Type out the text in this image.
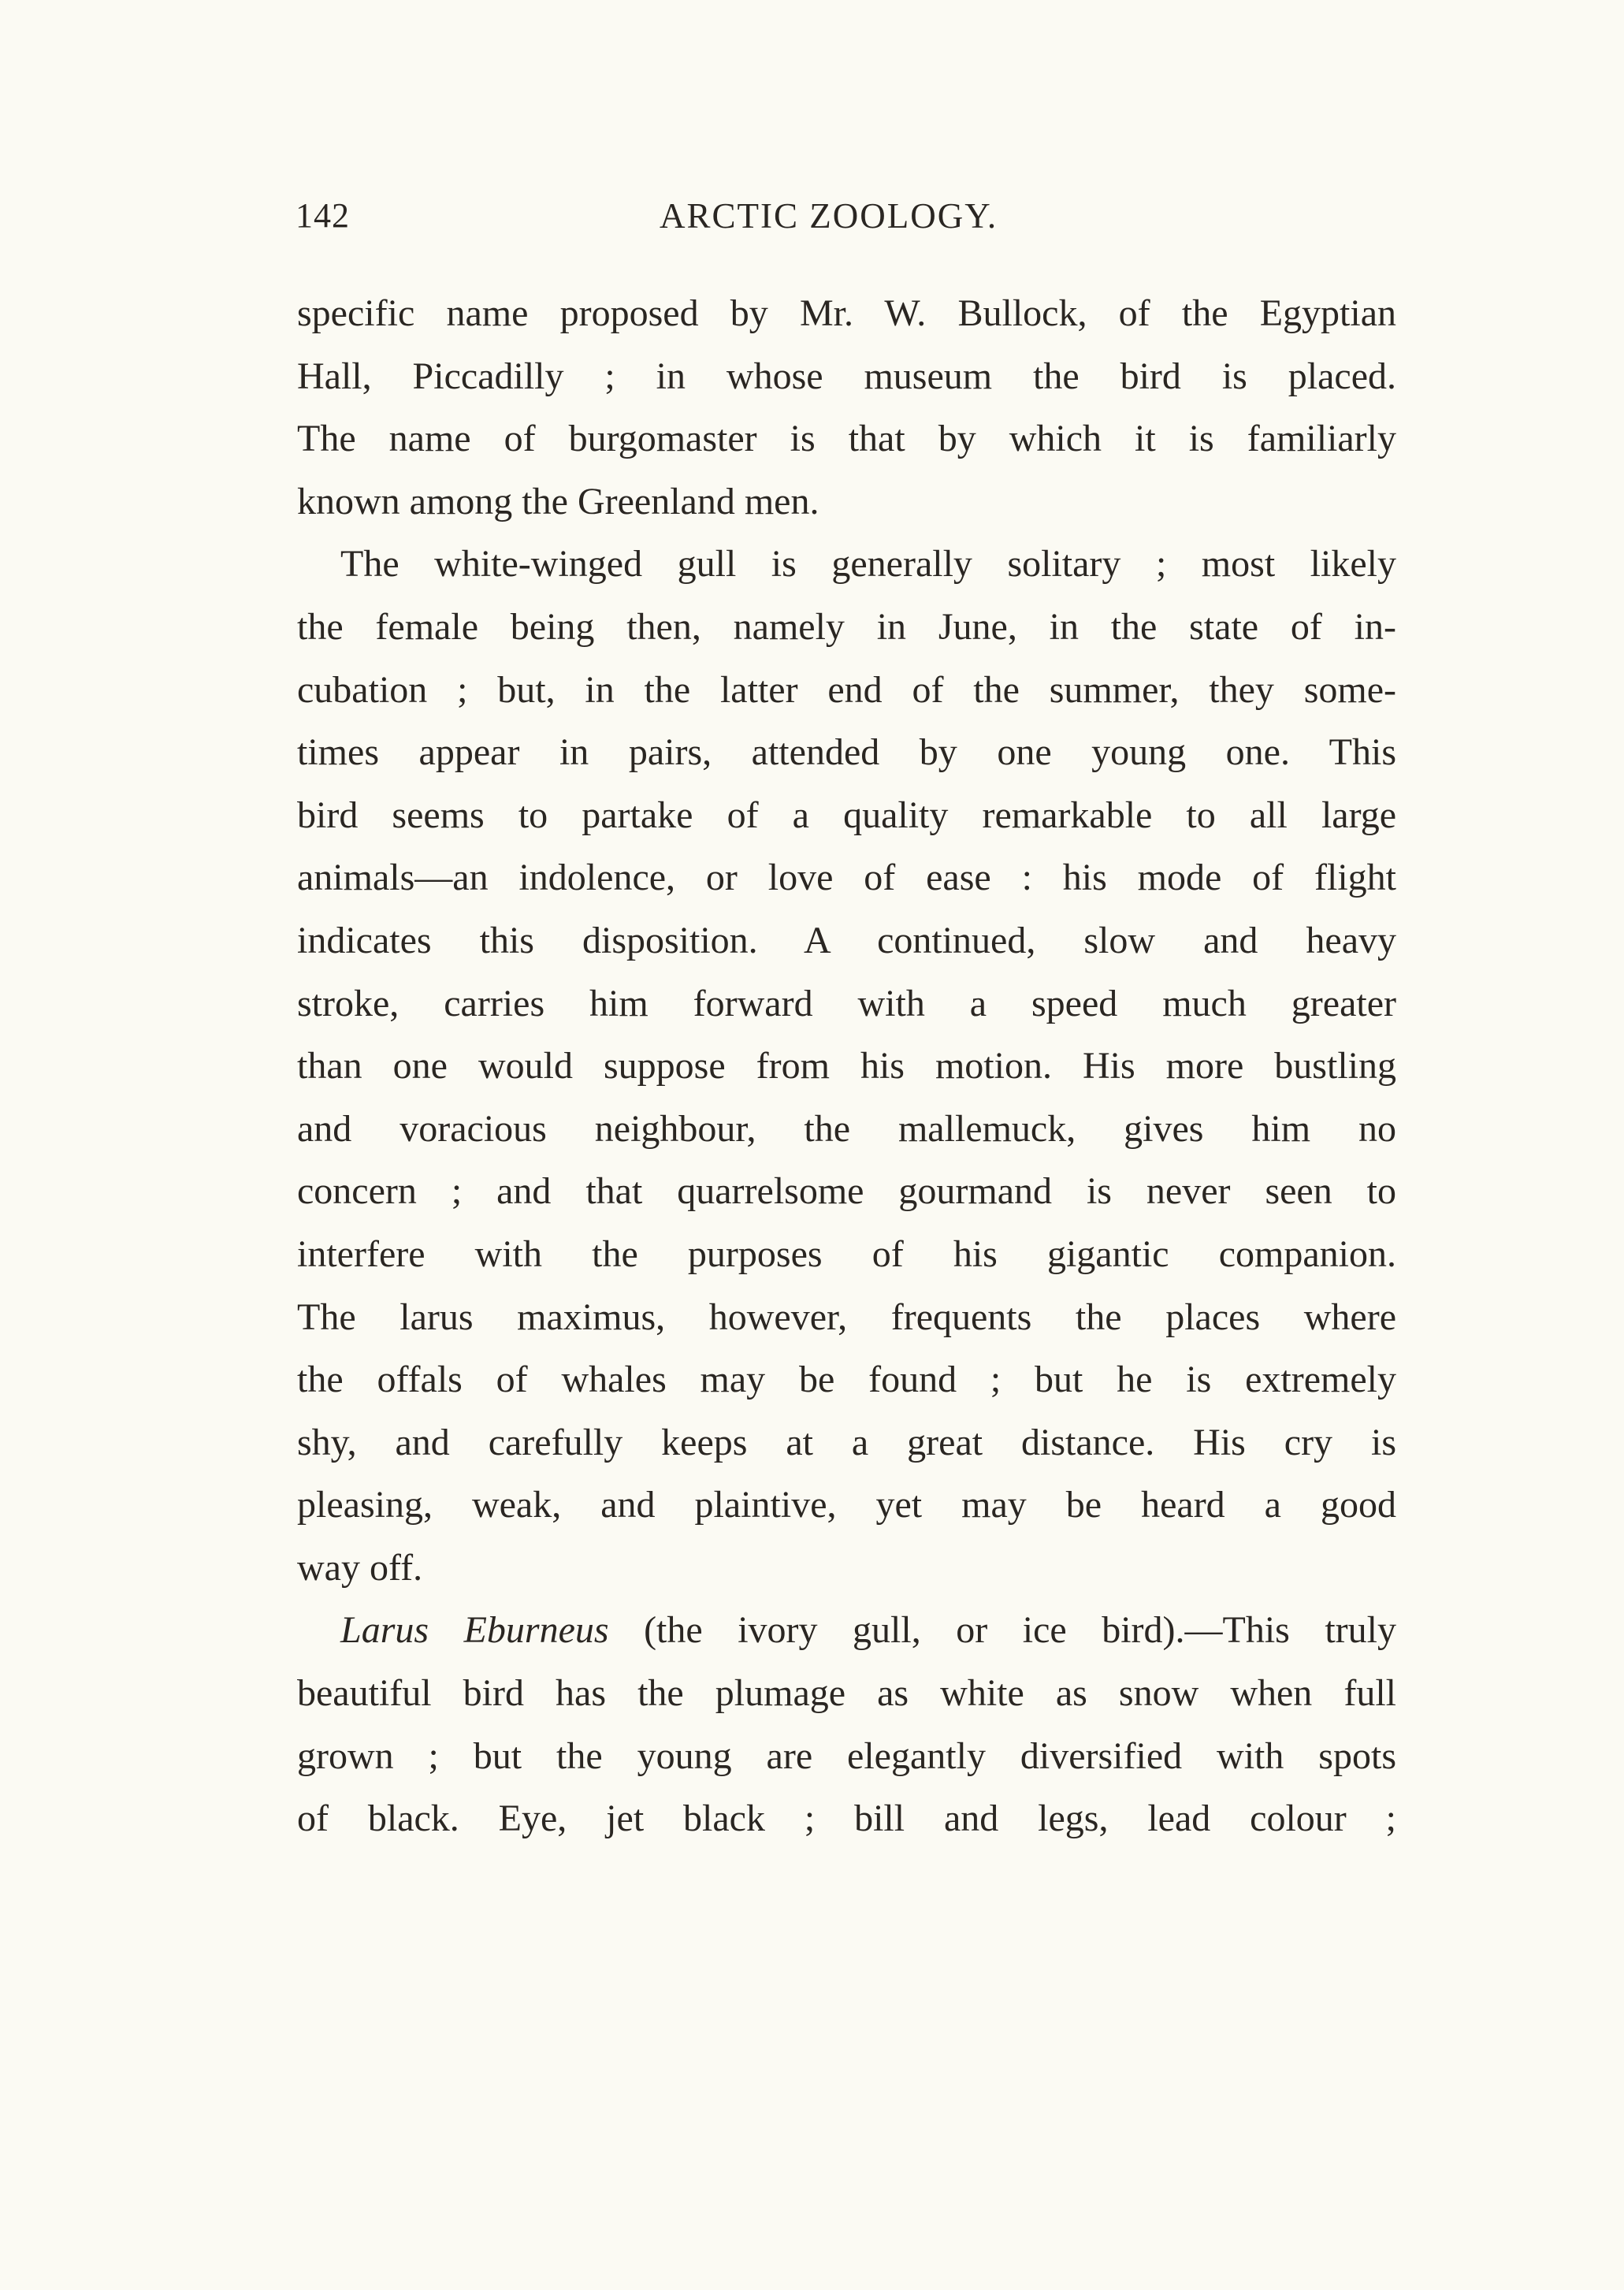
142	ARCTIC ZOOLOGY.

specific name proposed by Mr. W. Bullock, of the Egyptian
Hall, Piccadilly ; in whose museum the bird is placed.
The name of burgomaster is that by which it is familiarly
known among the Greenland men.

The white-winged gull is generally solitary ; most likely
the female being then, namely in June, in the state of in-
cubation ; but, in the latter end of the summer, they some-
times appear in pairs, attended by one young one. This
bird seems to partake of a quality remarkable to all large
animals—an indolence, or love of ease : his mode of flight
indicates this disposition. A continued, slow and heavy
stroke, carries him forward with a speed much greater
than one would suppose from his motion. His more bustling
and voracious neighbour, the mallemuck, gives him no
concern ; and that quarrelsome gourmand is never seen to
interfere with the purposes of his gigantic companion.
The larus maximus, however, frequents the places where
the offals of whales may be found ; but he is extremely
shy, and carefully keeps at a great distance. His cry is
pleasing, weak, and plaintive, yet may be heard a good
way off.

Larus Eburneus (the ivory gull, or ice bird).—This truly
beautiful bird has the plumage as white as snow when full
grown ; but the young are elegantly diversified with spots
of black. Eye, jet black ; bill and legs, lead colour ;
